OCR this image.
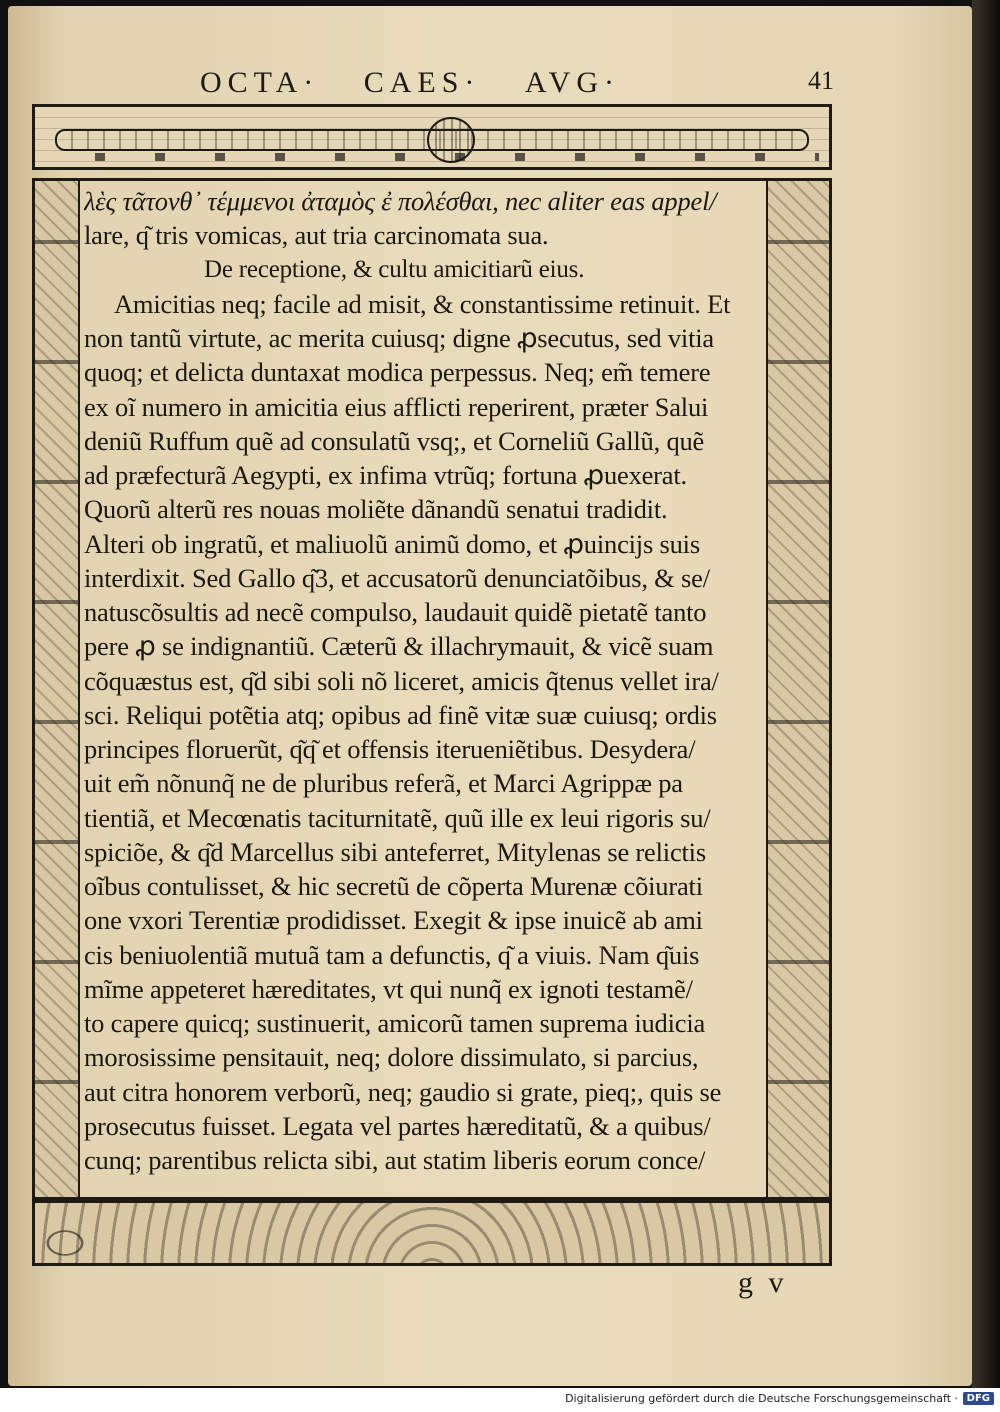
OCTA· CAES· AVG·	41
λὲς τᾶτονθ᾽ τέμμενοι ἀταμὸς ἐ πολέσθαι, nec aliter eas appel/
lare, q͂ tris vomicas, aut tria carcinomata sua.
De receptione, & cultu amicitiarũ eius.
Amicitias neq; facile ad misit, & constantissime retinuit. Et
non tantũ virtute, ac merita cuiusq; digne ꝓsecutus, sed vitia
quoq; et delicta duntaxat modica perpessus. Neq; em̃ temere
ex oĩ numero in amicitia eius afflicti reperirent, præter Salui
deniũ Ruffum quẽ ad consulatũ vsq;, et Corneliũ Gallũ, quẽ
ad præfecturã Aegypti, ex infima vtrũq; fortuna ꝓuexerat.
Quorũ alterũ res nouas moliẽte dãnandũ senatui tradidit.
Alteri ob ingratũ, et maliuolũ animũ domo, et ꝓuincijs suis
interdixit. Sed Gallo q͂3, et accusatorũ denunciatõibus, & se/
natuscõsultis ad necẽ compulso, laudauit quidẽ pietatẽ tanto
pere ꝓ se indignantiũ. Cæterũ & illachrymauit, & vicẽ suam
cõquæstus est, q͂d sibi soli nõ liceret, amicis q̃tenus vellet ira/
sci. Reliqui potẽtia atq; opibus ad finẽ vitæ suæ cuiusq; ordis
principes floruerũt, q͂q͂ et offensis iterueniẽtibus. Desydera/
uit em̃ nõnunq̃ ne de pluribus referã, et Marci Agrippæ pa
tientiã, et Mecœnatis taciturnitatẽ, quũ ille ex leui rigoris su/
spiciõe, & q͂d Marcellus sibi anteferret, Mitylenas se relictis
oĩbus contulisset, & hic secretũ de cõperta Murenæ cõiurati
one vxori Terentiæ prodidisset. Exegit & ipse inuicẽ ab ami
cis beniuolentiã mutuã tam a defunctis, q͂ a viuis. Nam q͂uis
mĩme appeteret hæreditates, vt qui nunq̃ ex ignoti testamẽ/
to capere quicq; sustinuerit, amicorũ tamen suprema iudicia
morosissime pensitauit, neq; dolore dissimulato, si parcius,
aut citra honorem verborũ, neq; gaudio si grate, pieq;, quis se
prosecutus fuisset. Legata vel partes hæreditatũ, & a quibus/
cunq; parentibus relicta sibi, aut statim liberis eorum conce/
g v
Digitalisierung gefördert durch die Deutsche Forschungsgemeinschaft · DFG
